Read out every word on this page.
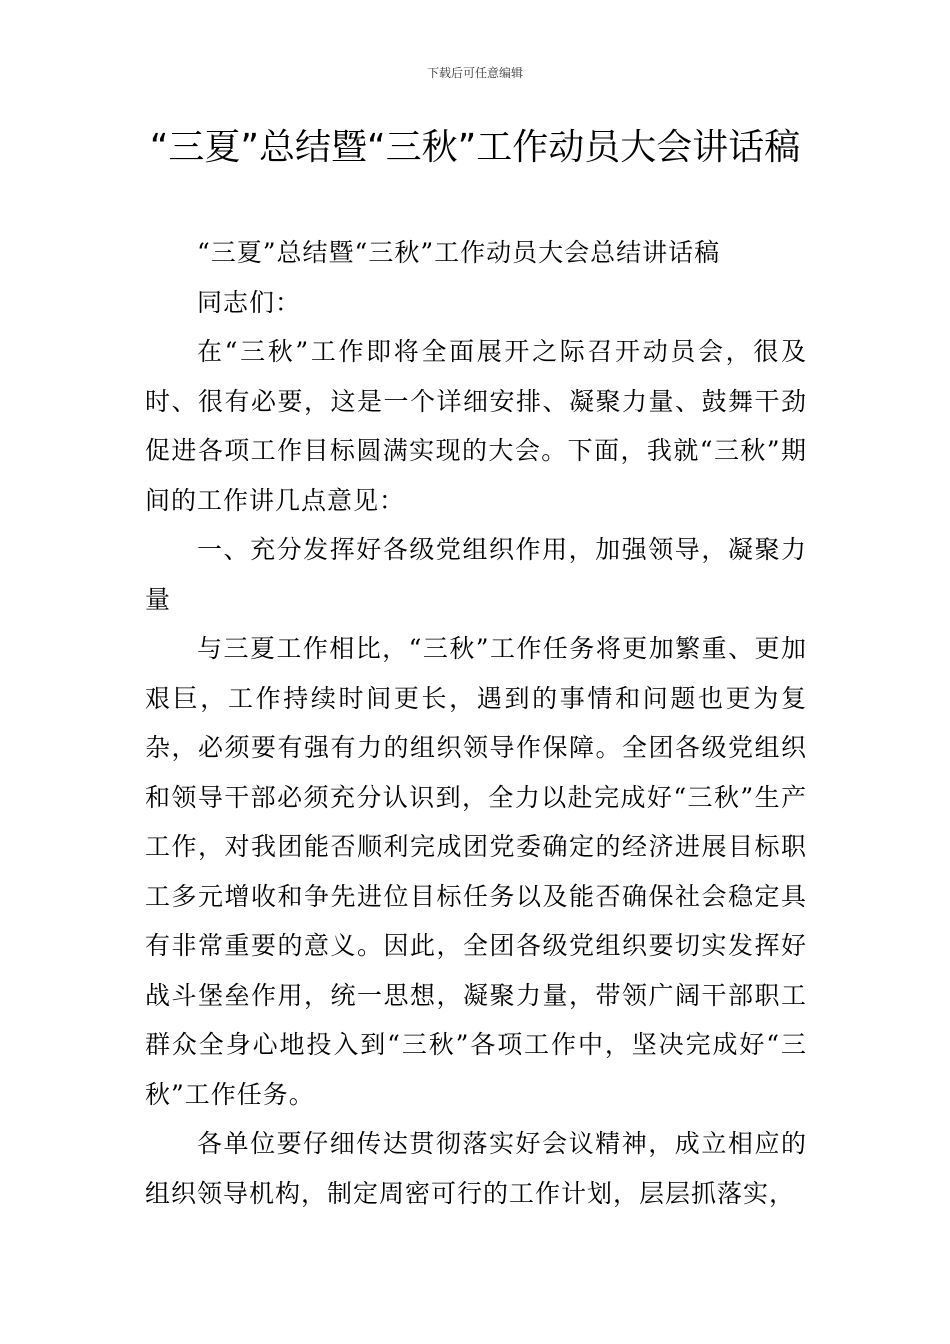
下载后可任意编辑
“三夏”总结暨“三秋”工作动员大会讲话稿

“三夏”总结暨“三秋”工作动员大会总结讲话稿

同志们：

在“三秋”工作即将全面展开之际召开动员会，很及时、很有必要，这是一个详细安排、凝聚力量、鼓舞干劲促进各项工作目标圆满实现的大会。下面，我就“三秋”期间的工作讲几点意见：

一、充分发挥好各级党组织作用，加强领导，凝聚力量

与三夏工作相比，“三秋”工作任务将更加繁重、更加艰巨，工作持续时间更长，遇到的事情和问题也更为复杂，必须要有强有力的组织领导作保障。全团各级党组织和领导干部必须充分认识到，全力以赴完成好“三秋”生产工作，对我团能否顺利完成团党委确定的经济进展目标职工多元增收和争先进位目标任务以及能否确保社会稳定具有非常重要的意义。因此，全团各级党组织要切实发挥好战斗堡垒作用，统一思想，凝聚力量，带领广阔干部职工群众全身心地投入到“三秋”各项工作中，坚决完成好“三秋”工作任务。

各单位要仔细传达贯彻落实好会议精神，成立相应的组织领导机构，制定周密可行的工作计划，层层抓落实，
